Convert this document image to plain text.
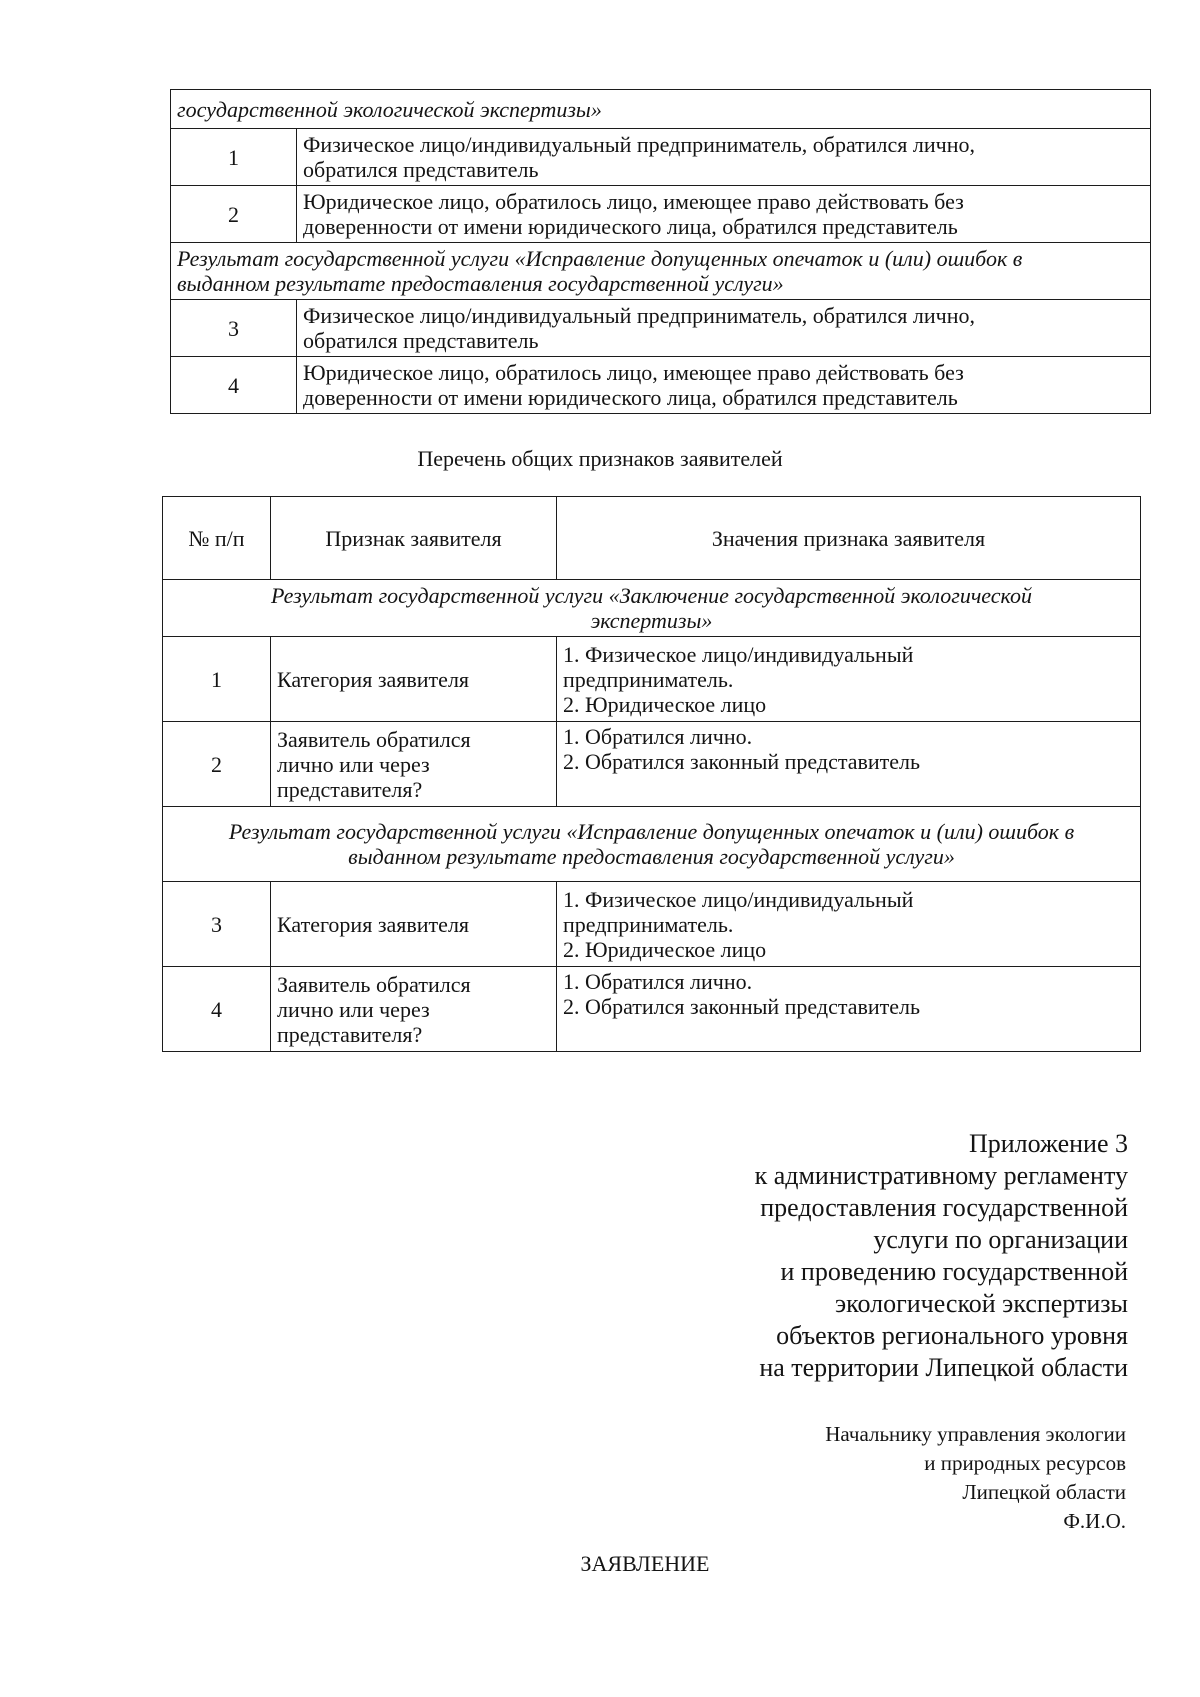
государственной экологической экспертизы»	
1	Физическое лицо/индивидуальный предприниматель, обратился лично,
обратился представитель

2	Юридическое лицо, обратилось лицо, имеющее право действовать без
доверенности от имени юридического лица, обратился представитель

Результат государственной услуги «Исправление допущенных опечаток и (или) ошибок в
выданном результате предоставления государственной услуги»	

3	Физическое лицо/индивидуальный предприниматель, обратился лично,
обратился представитель

4	Юридическое лицо, обратилось лицо, имеющее право действовать без
доверенности от имени юридического лица, обратился представитель
Перечень общих признаков заявителей
№ п/п	Признак заявителя	Значения признака заявителя

Результат государственной услуги «Заключение государственной экологической
экспертизы»		

1	Категория заявителя	1. Физическое лицо/индивидуальный
предприниматель.
2. Юридическое лицо

2	Заявитель обратился
лично или через
представителя?	1. Обратился лично.
2. Обратился законный представитель

Результат государственной услуги «Исправление допущенных опечаток и (или) ошибок в
выданном результате предоставления государственной услуги»		

3	Категория заявителя	1. Физическое лицо/индивидуальный
предприниматель.
2. Юридическое лицо

4	Заявитель обратился
лично или через
представителя?	1. Обратился лично.
2. Обратился законный представитель
Приложение 3
к административному регламенту
предоставления государственной
услуги по организации
и проведению государственной
экологической экспертизы
объектов регионального уровня
на территории Липецкой области
Начальнику управления экологии
и природных ресурсов
Липецкой области
Ф.И.О.
ЗАЯВЛЕНИЕ
